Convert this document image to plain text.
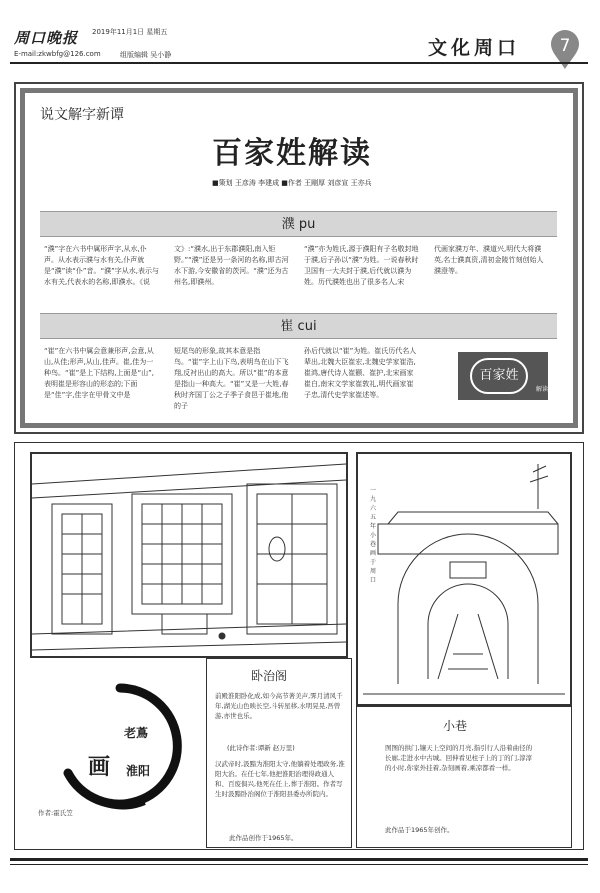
周口晚报
E-mail:zkwbfg@126.com
2019年11月1日 星期五
组版编辑 吴小静	文化周口 7
说文解字新谭
百家姓解读
■策划 王彦涛 李建成 ■作者 王剛厚 刘彦宣 王亦兵
濮 pu
“濮”字在六书中属形声字,从水,仆声。从水表示濮与水有关,仆声就是“濮”读“仆”音。“濮”字从水,表示与水有关,代表水的名称,即濮水。《说
文》:“濮水,出于东郡濮阳,南入钜野。”“濮”还是另一条河的名称,即古河水下游,今安徽省的茨河。“濮”还为古州名,即濮州。
“濮”亦为姓氏,源于濮阳有子名敬封地于濮,后子孙以“濮”为姓。一说春秋时卫国有一大夫封于濮,后代就以濮为姓。历代濮姓也出了很多名人,宋
代画家濮万年、濮道兴,明代大将濮英,名士濮真资,清初金陵竹刻创始人濮澄等。
崔 cui
“崔”在六书中属会意兼形声,会意,从山,从佳;形声,从山,佳声。崔,佳为一种鸟。“崔”是上下结构,上面是“山”,表明崔是形容山的形态的;下面是“佳”字,佳字在甲骨文中是
短尾鸟的形象,故其本意是指鸟。“崔”字上山下鸟,表明鸟在山下飞翔,反衬出山的高大。所以“崔”的本意是指山一种高大。“崔”又是一大姓,春秋时齐国丁公之子季子食邑于崔地,他的子
孙后代就以“崔”为姓。崔氏历代名人辈出,北魏大臣崔宏,北魏史学家崔浩,崔鸿,唐代诗人崔颢、崔护,北宋画家崔白,南宋文学家崔敦礼,明代画家崔子忠,清代史学家崔述等。
百家姓
解读
一九六五年 小巷 画于周口
老蔦
画 淮阳
作者:霍氏笠
卧治阁
前殿淮阳卧化成,如今高节著美声,霁月清风千年,湖光山色映长空,斗转星移,水明晃晃,吾曾游,亦世也乐。
(此诗作者:谭新 赵万里)
汉武帝时,汲黯为淮阳太守,他躺着处理政务,淮阳大治。在任七年,他把淮阳治理得政通人和、百废俱兴,他死在任上,葬于淮阳。作者写生时汲黯卧治阁位于淮阳县委办所院内。
此作品创作于1965年。
小巷
图图的拱门,镶天上空间的月亮,指引行人沿着曲径的长廊,走进水中古城。回伸看见柱子上的丁的门,淳淳的小时,你家外挂着,杂刻画着,乘凉都看一样。
此作品于1965年创作。
